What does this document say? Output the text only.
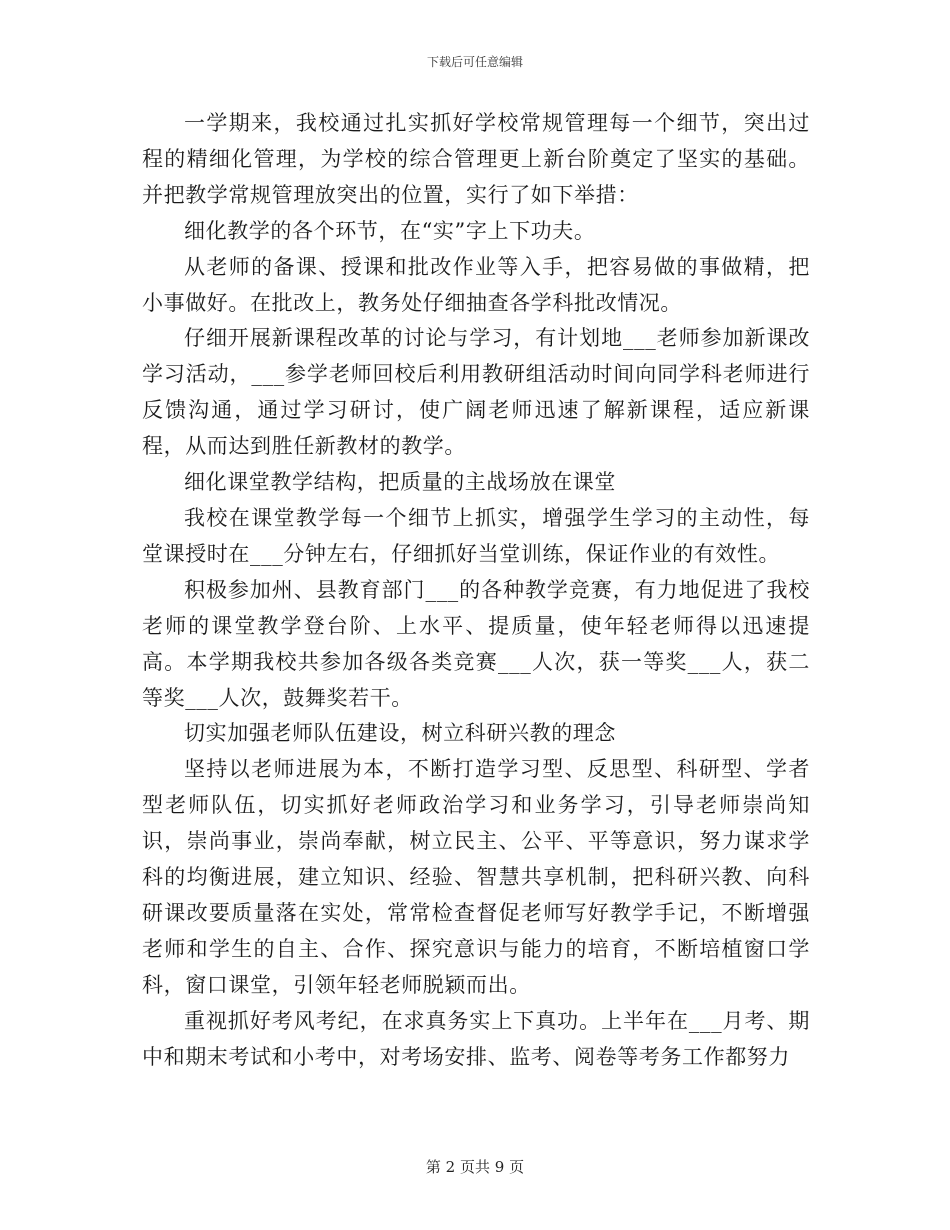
下载后可任意编辑

一学期来，我校通过扎实抓好学校常规管理每一个细节，突出过程的精细化管理，为学校的综合管理更上新台阶奠定了坚实的基础。并把教学常规管理放突出的位置，实行了如下举措：

细化教学的各个环节，在“实”字上下功夫。

从老师的备课、授课和批改作业等入手，把容易做的事做精，把小事做好。在批改上，教务处仔细抽查各学科批改情况。

仔细开展新课程改革的讨论与学习，有计划地___老师参加新课改学习活动，___参学老师回校后利用教研组活动时间向同学科老师进行反馈沟通，通过学习研讨，使广阔老师迅速了解新课程，适应新课程，从而达到胜任新教材的教学。

细化课堂教学结构，把质量的主战场放在课堂

我校在课堂教学每一个细节上抓实，增强学生学习的主动性，每堂课授时在___分钟左右，仔细抓好当堂训练，保证作业的有效性。

积极参加州、县教育部门___的各种教学竞赛，有力地促进了我校老师的课堂教学登台阶、上水平、提质量，使年轻老师得以迅速提高。本学期我校共参加各级各类竞赛___人次，获一等奖___人，获二等奖___人次，鼓舞奖若干。

切实加强老师队伍建设，树立科研兴教的理念

坚持以老师进展为本，不断打造学习型、反思型、科研型、学者型老师队伍，切实抓好老师政治学习和业务学习，引导老师崇尚知识，崇尚事业，崇尚奉献，树立民主、公平、平等意识，努力谋求学科的均衡进展，建立知识、经验、智慧共享机制，把科研兴教、向科研课改要质量落在实处，常常检查督促老师写好教学手记，不断增强老师和学生的自主、合作、探究意识与能力的培育，不断培植窗口学科，窗口课堂，引领年轻老师脱颖而出。

重视抓好考风考纪，在求真务实上下真功。上半年在___月考、期中和期末考试和小考中，对考场安排、监考、阅卷等考务工作都努力

第 2 页共 9 页
